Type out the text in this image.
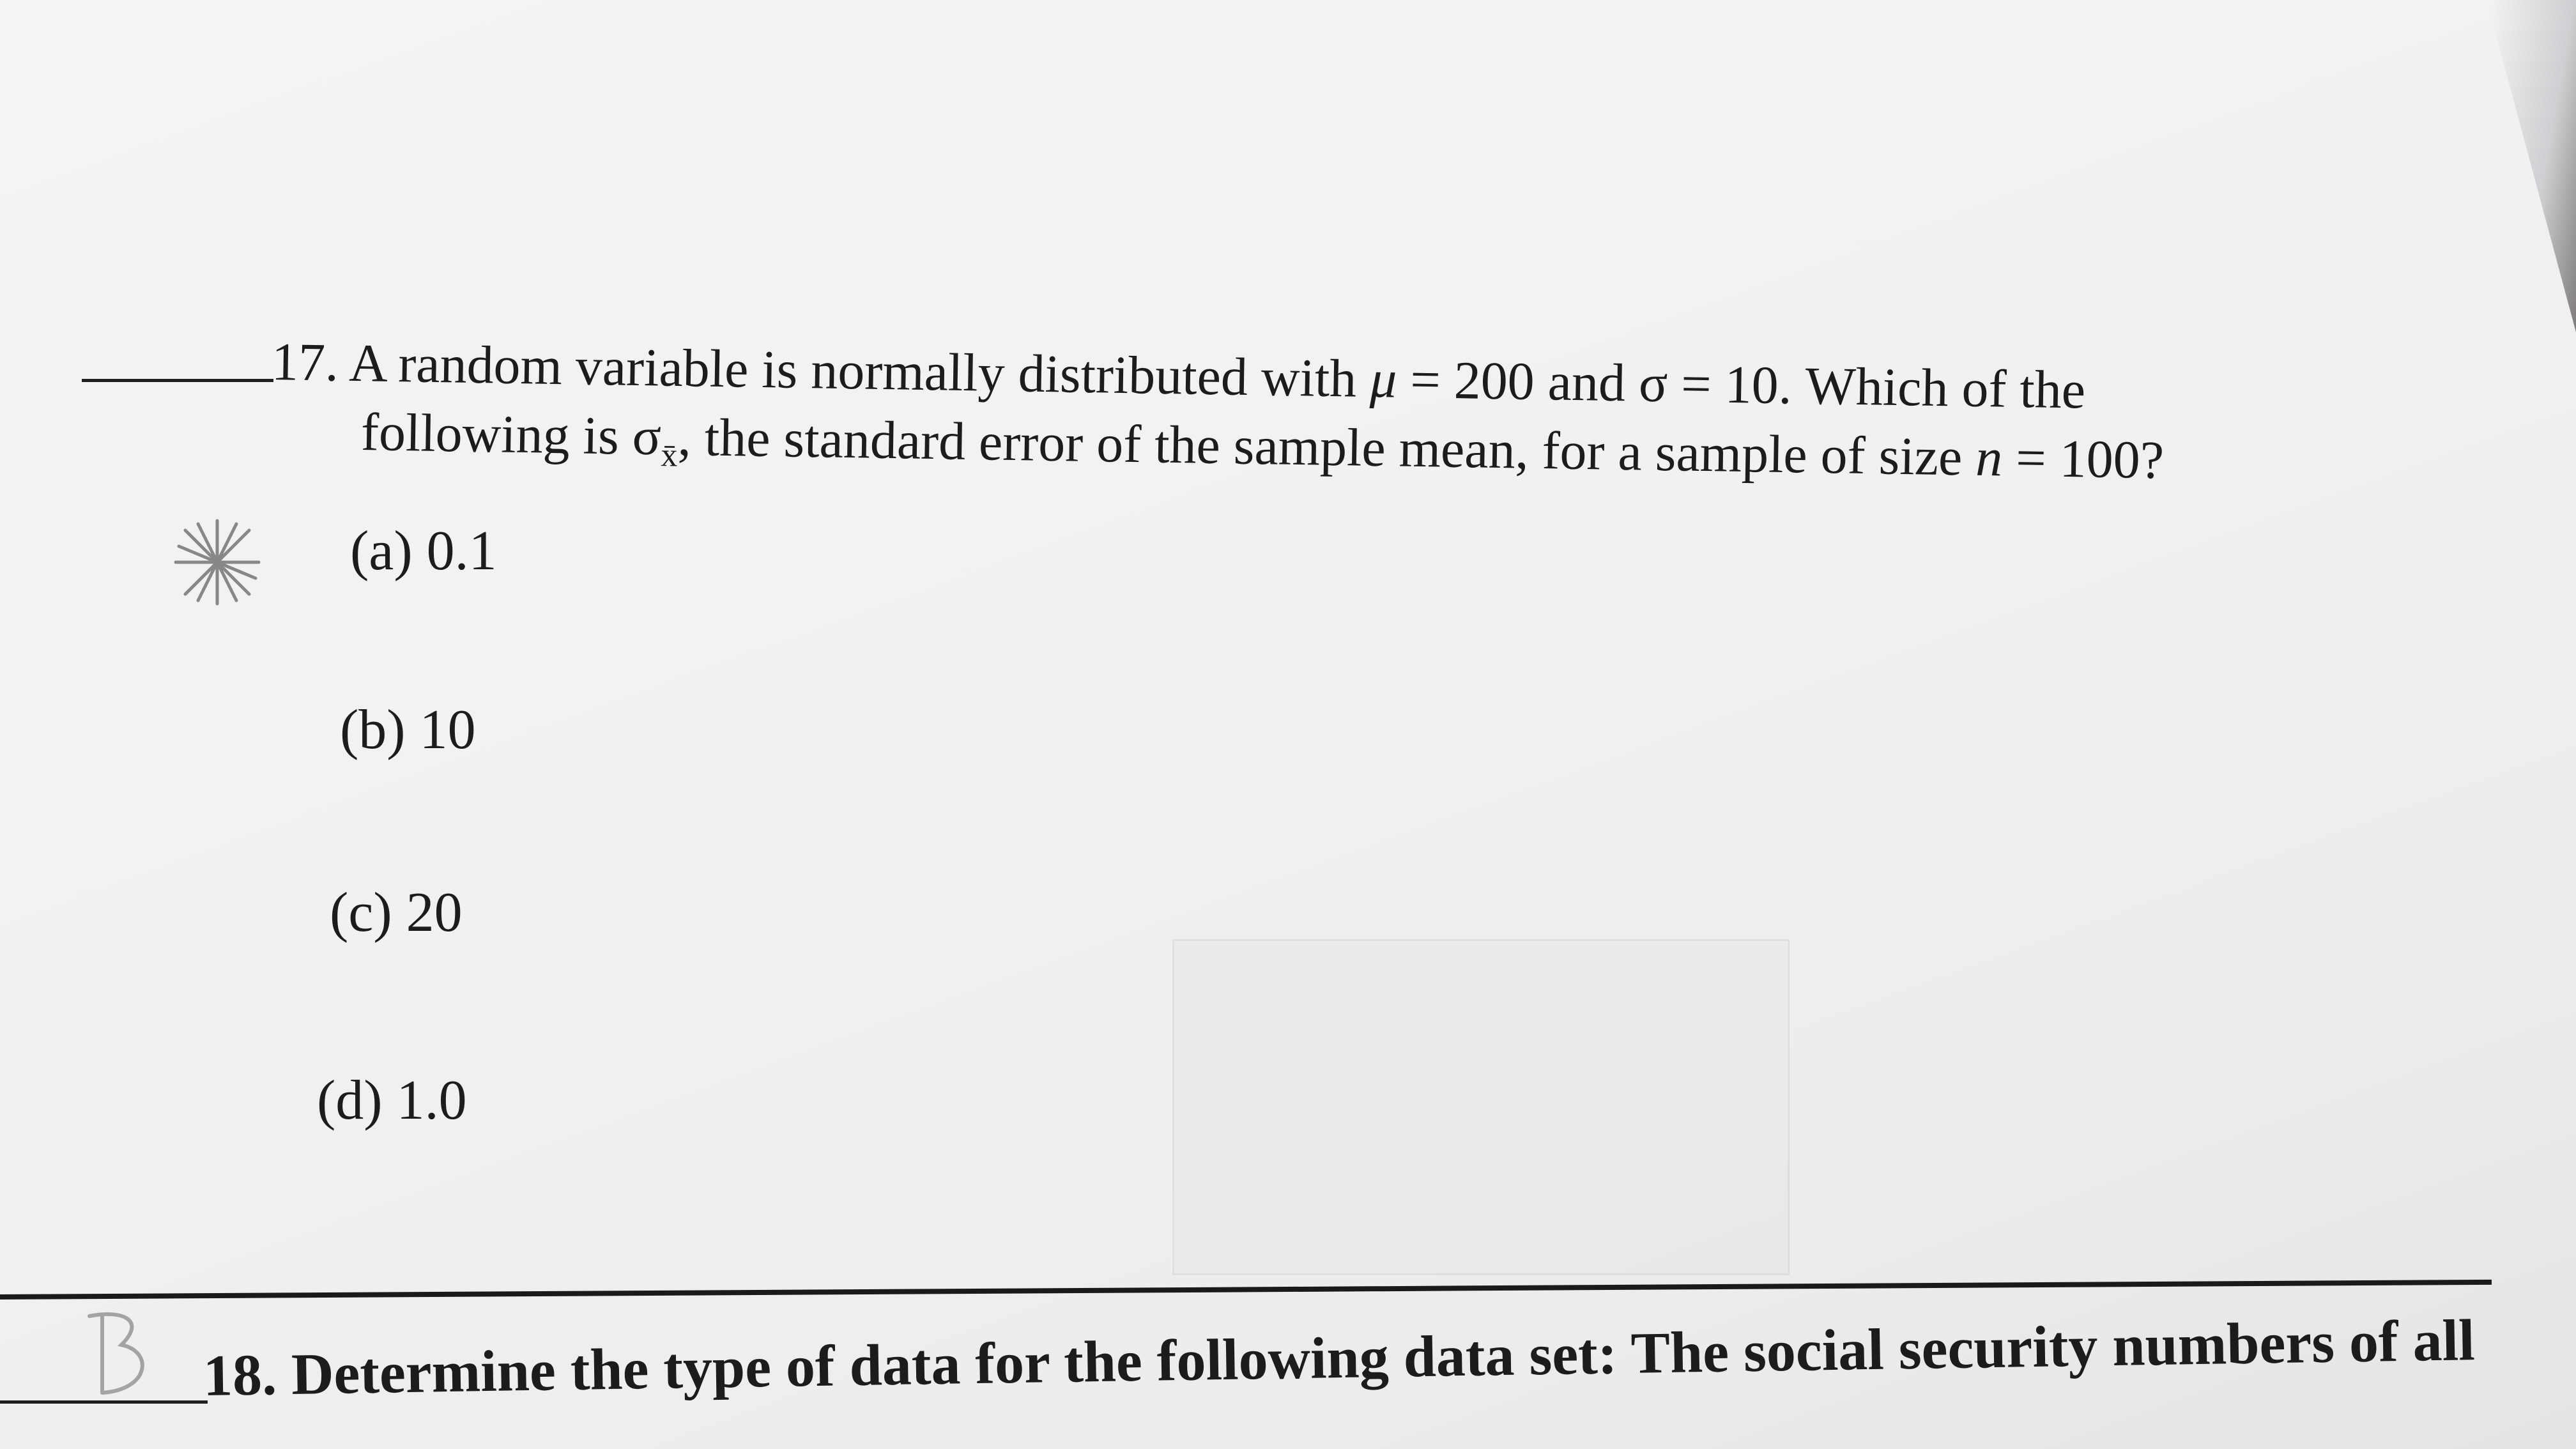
17. A random variable is normally distributed with μ = 200 and σ = 10. Which of the
following is $\sigma_{x̄}$, the standard error of the sample mean, for a sample of size n = 100?
(a) 0.1
(b) 10
(c) 20
(d) 1.0
18. Determine the type of data for the following data set: The social security numbers of all
